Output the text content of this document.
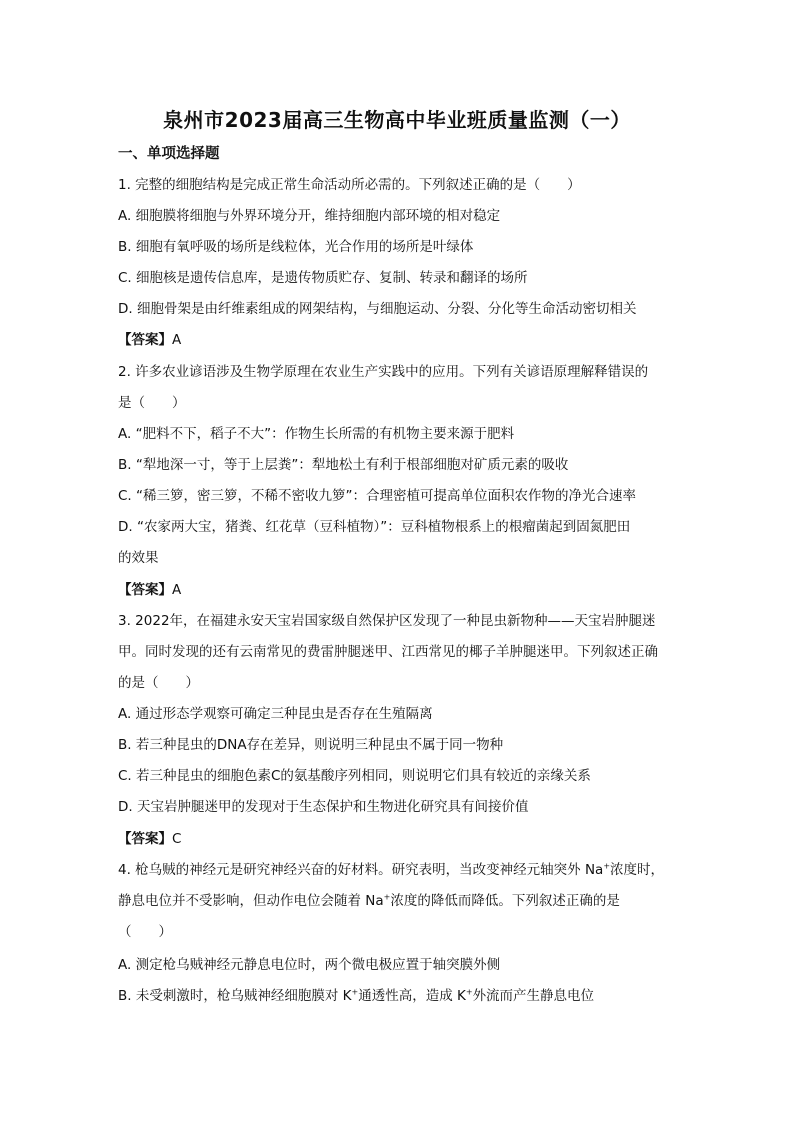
泉州市2023届高三生物高中毕业班质量监测（一）
一、单项选择题
1. 完整的细胞结构是完成正常生命活动所必需的。下列叙述正确的是（　　）
A. 细胞膜将细胞与外界环境分开，维持细胞内部环境的相对稳定
B. 细胞有氧呼吸的场所是线粒体，光合作用的场所是叶绿体
C. 细胞核是遗传信息库，是遗传物质贮存、复制、转录和翻译的场所
D. 细胞骨架是由纤维素组成的网架结构，与细胞运动、分裂、分化等生命活动密切相关
【答案】A
2. 许多农业谚语涉及生物学原理在农业生产实践中的应用。下列有关谚语原理解释错误的
是（　　）
A. “肥料不下，稻子不大”：作物生长所需的有机物主要来源于肥料
B. “犁地深一寸，等于上层粪”：犁地松土有利于根部细胞对矿质元素的吸收
C. “稀三箩，密三箩，不稀不密收九箩”：合理密植可提高单位面积农作物的净光合速率
D. “农家两大宝，猪粪、红花草（豆科植物）”：豆科植物根系上的根瘤菌起到固氮肥田
的效果
【答案】A
3. 2022年，在福建永安天宝岩国家级自然保护区发现了一种昆虫新物种——天宝岩肿腿迷
甲。同时发现的还有云南常见的费雷肿腿迷甲、江西常见的椰子羊肿腿迷甲。下列叙述正确
的是（　　）
A. 通过形态学观察可确定三种昆虫是否存在生殖隔离
B. 若三种昆虫的DNA存在差异，则说明三种昆虫不属于同一物种
C. 若三种昆虫的细胞色素C的氨基酸序列相同，则说明它们具有较近的亲缘关系
D. 天宝岩肿腿迷甲的发现对于生态保护和生物进化研究具有间接价值
【答案】C
4. 枪乌贼的神经元是研究神经兴奋的好材料。研究表明，当改变神经元轴突外 Na+浓度时，
静息电位并不受影响，但动作电位会随着 Na+浓度的降低而降低。下列叙述正确的是
（　　）
A. 测定枪乌贼神经元静息电位时，两个微电极应置于轴突膜外侧
B. 未受刺激时，枪乌贼神经细胞膜对 K+通透性高，造成 K+外流而产生静息电位
